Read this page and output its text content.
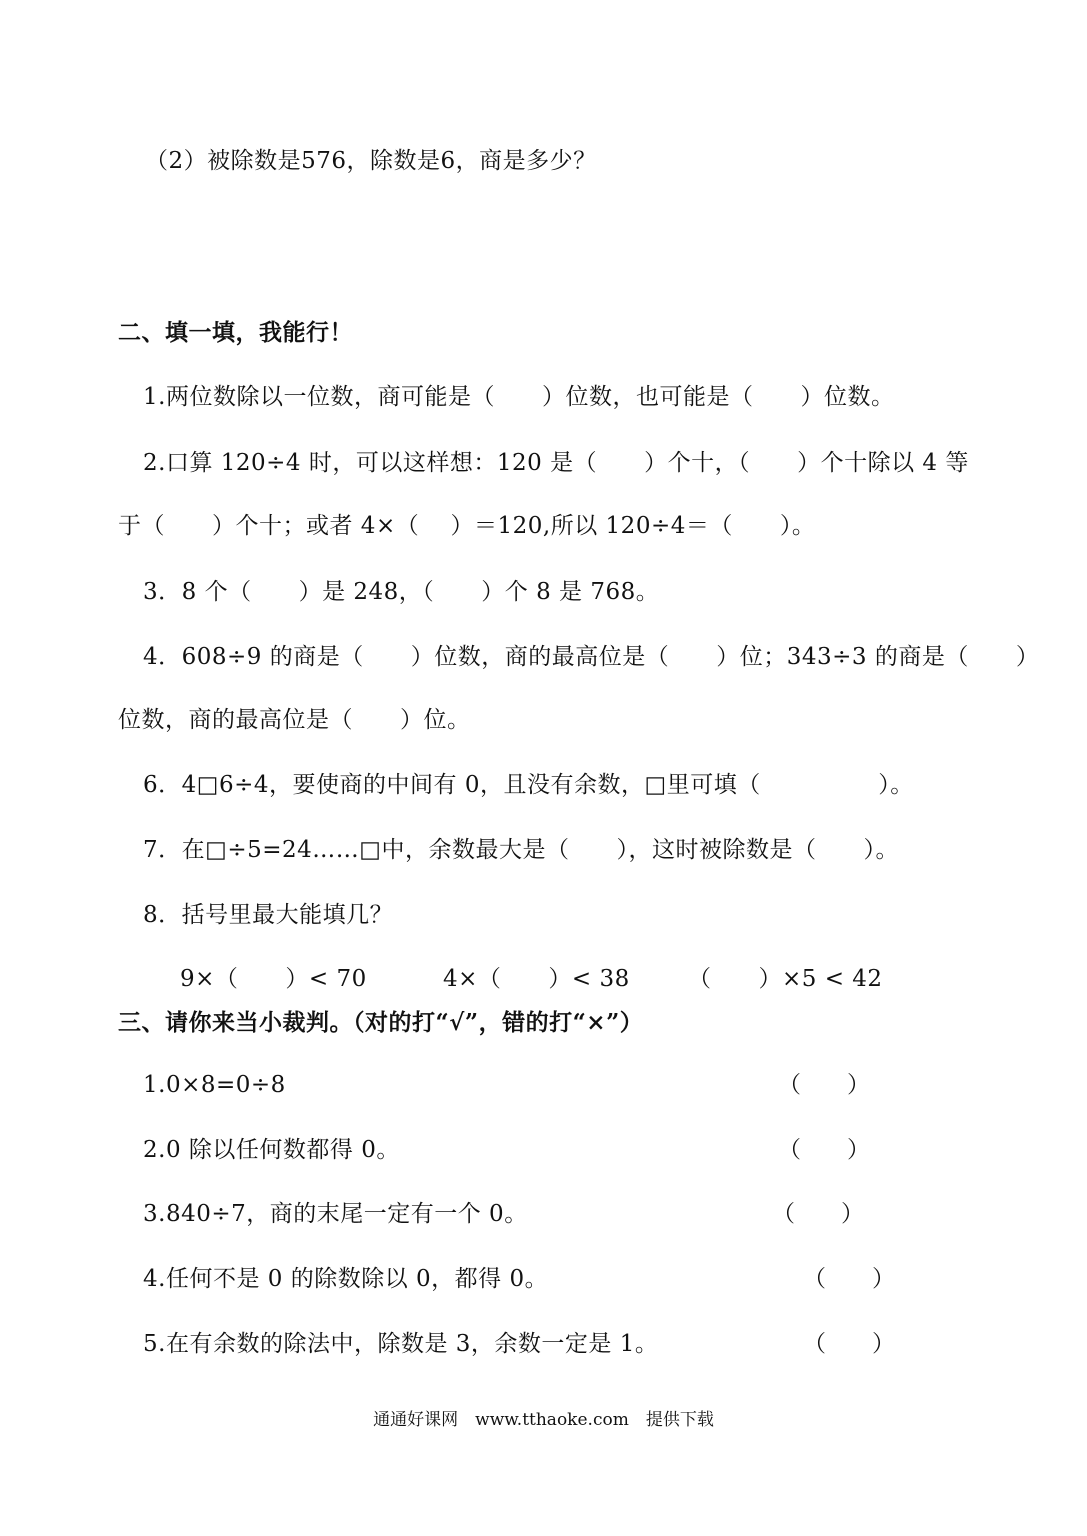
（2）被除数是576，除数是6，商是多少？
二、填一填，我能行！
1.两位数除以一位数，商可能是（　　）位数，也可能是（　　）位数。
2.口算 120÷4 时，可以这样想：120 是（　　）个十，（　　）个十除以 4 等
于（　　）个十；或者 4×（　 ）＝120,所以 120÷4＝（　　）。
3．8 个（　　）是 248，（　　）个 8 是 768。
4．608÷9 的商是（　　）位数，商的最高位是（　　）位；343÷3 的商是（　　）
位数，商的最高位是（　　）位。
6．4□6÷4，要使商的中间有 0，且没有余数，□里可填（　　　　　）。
7．在□÷5=24……□中，余数最大是（　　），这时被除数是（　　）。
8．括号里最大能填几？
9×（　　）< 70	4×（　　）< 38	（　　）×5 < 42
三、请你来当小裁判。（对的打“√”，错的打“×”）
1.0×8=0÷8	（　　）
2.0 除以任何数都得 0。	（　　）
3.840÷7，商的末尾一定有一个 0。	（　　）
4.任何不是 0 的除数除以 0，都得 0。	（　　）
5.在有余数的除法中，除数是 3，余数一定是 1。	（　　）
通通好课网　www.tthaoke.com　提供下载
